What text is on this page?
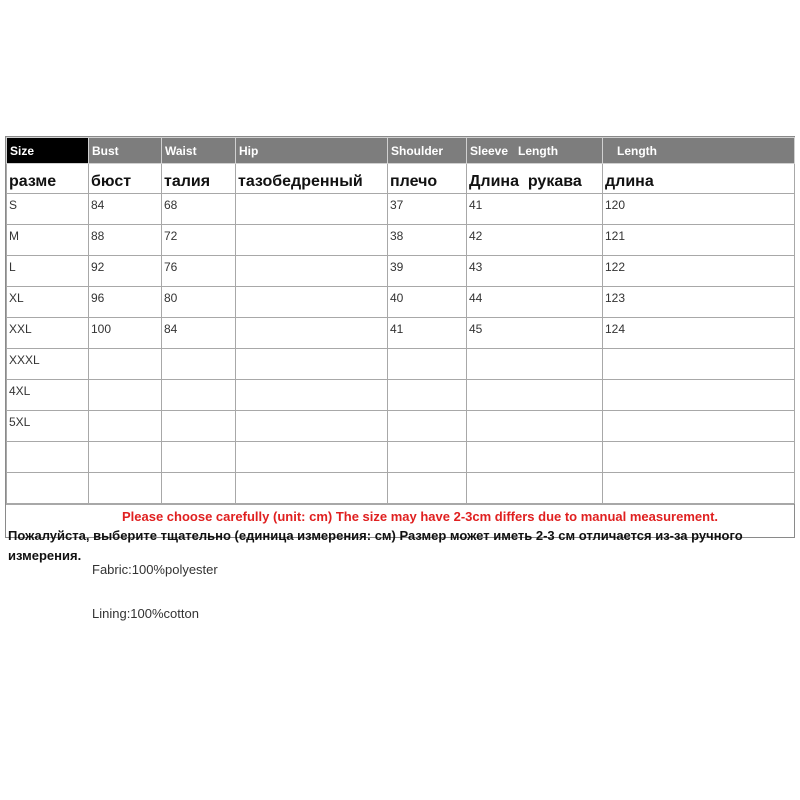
Size	Bust	Waist	Hip	Shoulder	Sleeve   Length	Length
разме	бюст	талия	тазобедренный	плечо	Длина  рукава	длина
S	84	68		37	41	120
M	88	72		38	42	121
L	92	76		39	43	122
XL	96	80		40	44	123
XXL	100	84		41	45	124
XXXL						
4XL						
5XL						

Please choose carefully (unit: cm) The size may have 2-3cm differs due to manual measurement.
Пожалуйста, выберите тщательно (единица измерения: см) Размер может иметь 2-3 см отличается из-за ручного измерения.
Fabric:100%polyester
Lining:100%cotton
